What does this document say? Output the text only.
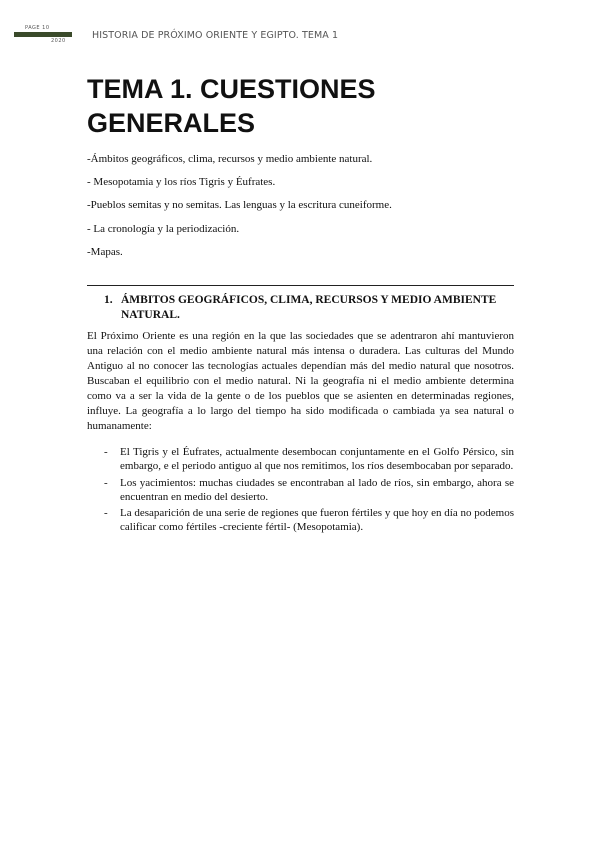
PAGE 10
2020	HISTORIA DE PRÓXIMO ORIENTE Y EGIPTO. TEMA 1
TEMA 1. CUESTIONES GENERALES
-Ámbitos geográficos, clima, recursos y medio ambiente natural.
- Mesopotamia y los ríos Tigris y Éufrates.
-Pueblos semitas y no semitas. Las lenguas y la escritura cuneiforme.
- La cronología y la periodización.
-Mapas.
1. ÁMBITOS GEOGRÁFICOS, CLIMA, RECURSOS Y MEDIO AMBIENTE NATURAL.

El Próximo Oriente es una región en la que las sociedades que se adentraron ahí mantuvieron una relación con el medio ambiente natural más intensa o duradera. Las culturas del Mundo Antiguo al no conocer las tecnologías actuales dependían más del medio natural que nosotros. Buscaban el equilibrio con el medio natural. Ni la geografía ni el medio ambiente determina como va a ser la vida de la gente o de los pueblos que se asienten en determinadas regiones, influye. La geografía a lo largo del tiempo ha sido modificada o cambiada ya sea natural o humanamente:

- El Tigris y el Éufrates, actualmente desembocan conjuntamente en el Golfo Pérsico, sin embargo, e el periodo antiguo al que nos remitimos, los ríos desembocaban por separado.
- Los yacimientos: muchas ciudades se encontraban al lado de ríos, sin embargo, ahora se encuentran en medio del desierto.
- La desaparición de una serie de regiones que fueron fértiles y que hoy en día no podemos calificar como fértiles -creciente fértil- (Mesopotamia).
